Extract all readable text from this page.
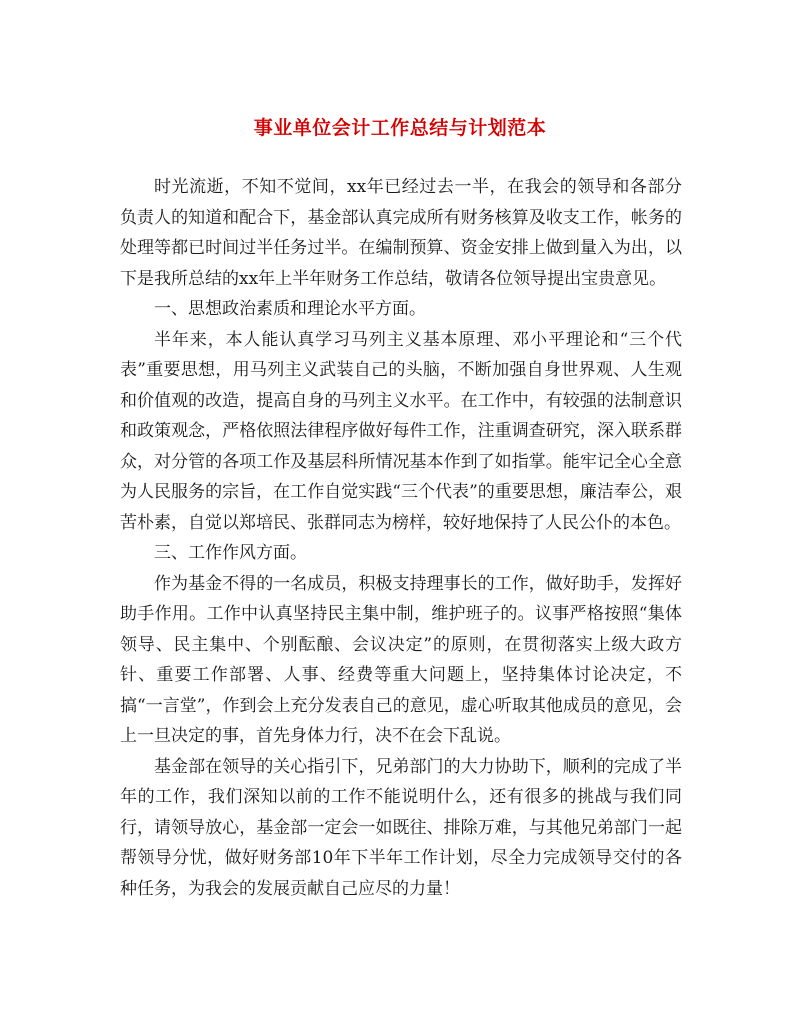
事业单位会计工作总结与计划范本

时光流逝，不知不觉间，xx年已经过去一半，在我会的领导和各部分负责人的知道和配合下，基金部认真完成所有财务核算及收支工作，帐务的处理等都已时间过半任务过半。在编制预算、资金安排上做到量入为出，以下是我所总结的xx年上半年财务工作总结，敬请各位领导提出宝贵意见。

一、思想政治素质和理论水平方面。

半年来，本人能认真学习马列主义基本原理、邓小平理论和“三个代表”重要思想，用马列主义武装自己的头脑，不断加强自身世界观、人生观和价值观的改造，提高自身的马列主义水平。在工作中，有较强的法制意识和政策观念，严格依照法律程序做好每件工作，注重调查研究，深入联系群众，对分管的各项工作及基层科所情况基本作到了如指掌。能牢记全心全意为人民服务的宗旨，在工作自觉实践“三个代表”的重要思想，廉洁奉公，艰苦朴素，自觉以郑培民、张群同志为榜样，较好地保持了人民公仆的本色。

三、工作作风方面。

作为基金不得的一名成员，积极支持理事长的工作，做好助手，发挥好助手作用。工作中认真坚持民主集中制，维护班子的。议事严格按照“集体领导、民主集中、个别酝酿、会议决定”的原则，在贯彻落实上级大政方针、重要工作部署、人事、经费等重大问题上，坚持集体讨论决定，不搞“一言堂”，作到会上充分发表自己的意见，虚心听取其他成员的意见，会上一旦决定的事，首先身体力行，决不在会下乱说。

基金部在领导的关心指引下，兄弟部门的大力协助下，顺利的完成了半年的工作，我们深知以前的工作不能说明什么，还有很多的挑战与我们同行，请领导放心，基金部一定会一如既往、排除万难，与其他兄弟部门一起帮领导分忧，做好财务部10年下半年工作计划，尽全力完成领导交付的各种任务，为我会的发展贡献自己应尽的力量！
